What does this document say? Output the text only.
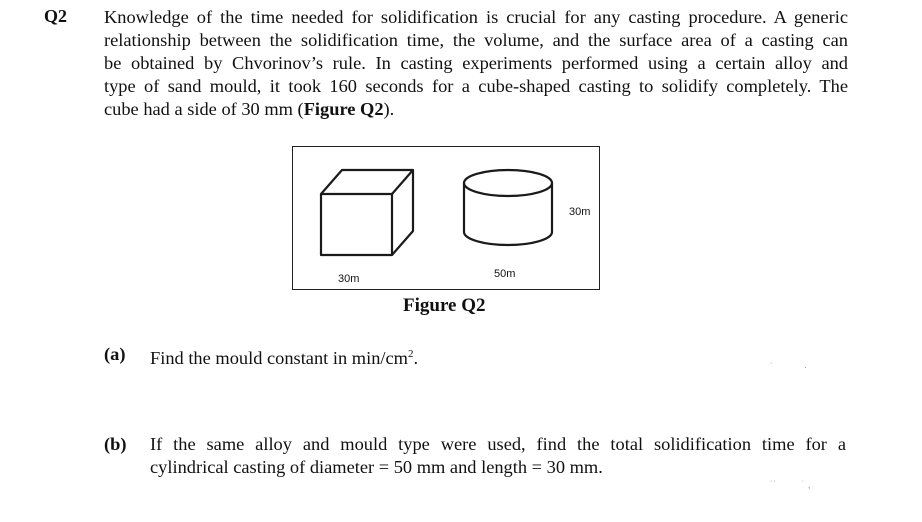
Q2 Knowledge of the time needed for solidification is crucial for any casting procedure. A generic
relationship between the solidification time, the volume, and the surface area of a casting can
be obtained by Chvorinov’s rule. In casting experiments performed using a certain alloy and
type of sand mould, it took 160 seconds for a cube-shaped casting to solidify completely. The
cube had a side of 30 mm (Figure Q2).
30m	50m
30m
Figure Q2
(a) Find the mould constant in $\min/cm^2$.	˙           ·
(b) If the same alloy and mould type were used, find the total solidification time for a
cylindrical casting of diameter = 50 mm and length = 30 mm.
˙˙         ˙ ,
